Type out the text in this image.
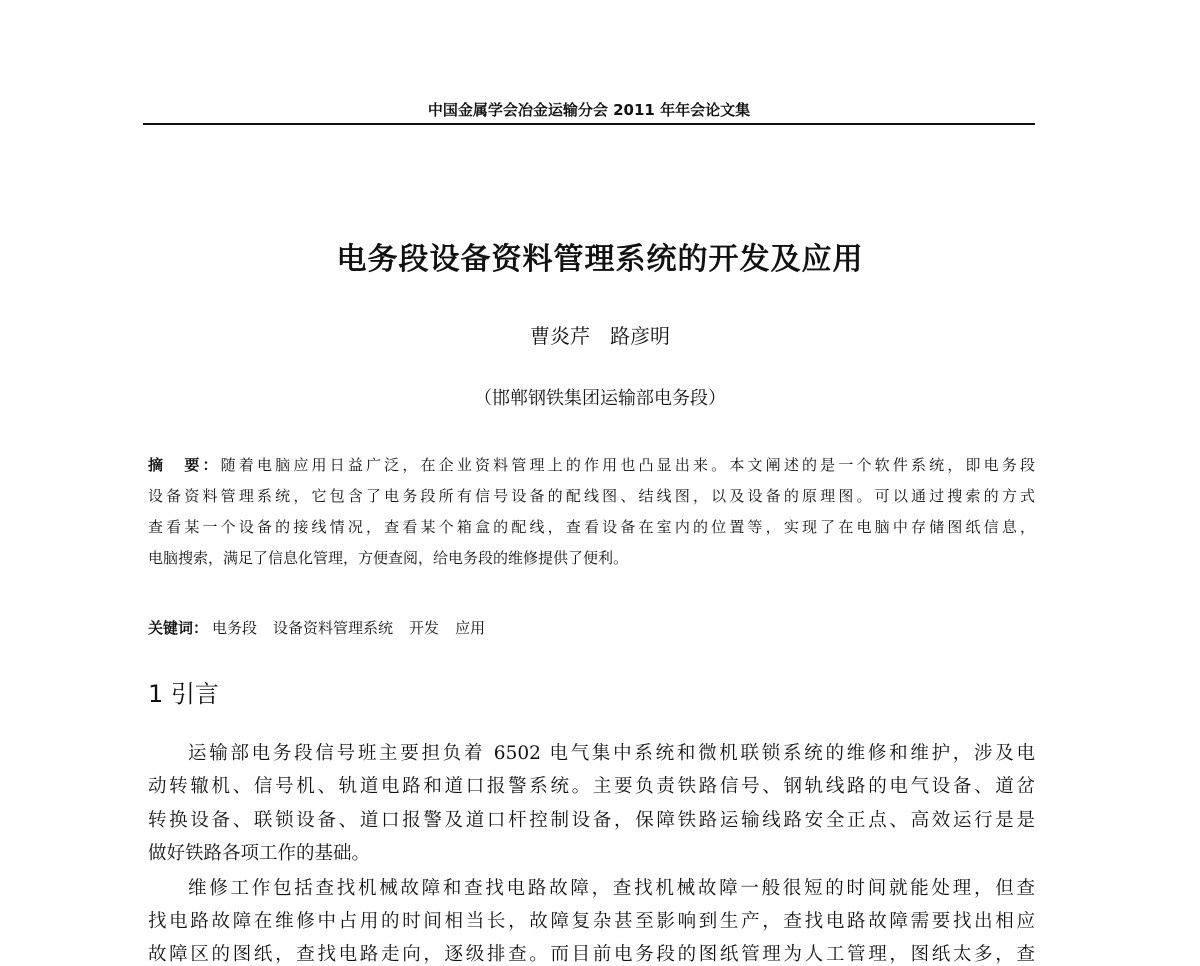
中国金属学会冶金运输分会 2011 年年会论文集
电务段设备资料管理系统的开发及应用
曹炎芹　路彦明
（邯郸钢铁集团运输部电务段）
摘　要：随着电脑应用日益广泛，在企业资料管理上的作用也凸显出来。本文阐述的是一个软件系统，即电务段
设备资料管理系统，它包含了电务段所有信号设备的配线图、结线图，以及设备的原理图。可以通过搜索的方式
查看某一个设备的接线情况，查看某个箱盒的配线，查看设备在室内的位置等，实现了在电脑中存储图纸信息，
电脑搜索，满足了信息化管理，方便查阅，给电务段的维修提供了便利。
关键词： 电务段 设备资料管理系统 开发 应用
1 引言
运输部电务段信号班主要担负着 6502 电气集中系统和微机联锁系统的维修和维护，涉及电
动转辙机、信号机、轨道电路和道口报警系统。主要负责铁路信号、钢轨线路的电气设备、道岔
转换设备、联锁设备、道口报警及道口杆控制设备，保障铁路运输线路安全正点、高效运行是是
做好铁路各项工作的基础。
维修工作包括查找机械故障和查找电路故障，查找机械故障一般很短的时间就能处理，但查
找电路故障在维修中占用的时间相当长，故障复杂甚至影响到生产，查找电路故障需要找出相应
故障区的图纸，查找电路走向，逐级排查。而目前电务段的图纸管理为人工管理，图纸太多，查
